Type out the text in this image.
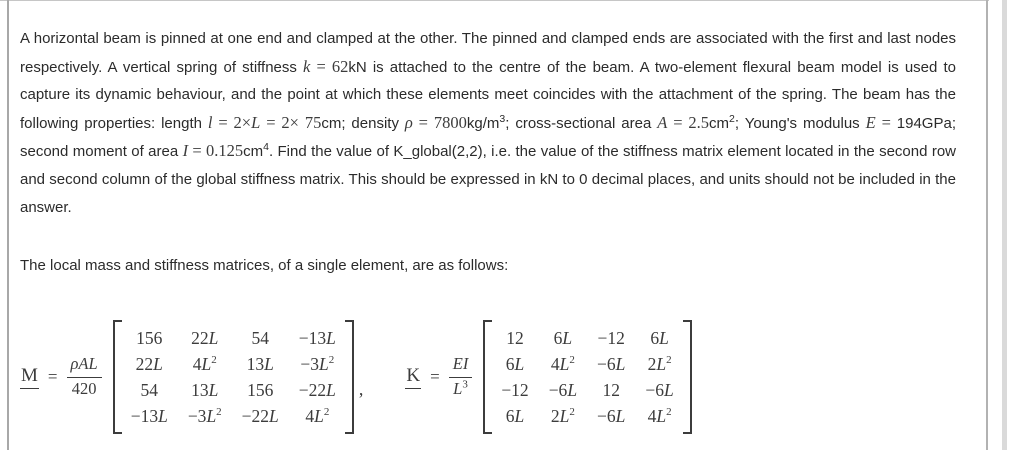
A horizontal beam is pinned at one end and clamped at the other. The pinned and clamped ends are associated with the first and last nodes respectively. A vertical spring of stiffness k = 62kN is attached to the centre of the beam. A two-element flexural beam model is used to capture its dynamic behaviour, and the point at which these elements meet coincides with the attachment of the spring. The beam has the following properties: length l = 2×L = 2× 75cm; density $\rho = 7800kg/m^3$; cross-sectional area $A = 2.5cm^2$; Young's modulus E = 194GPa; second moment of area $I = 0.125cm^4$. Find the value of K_global(2,2), i.e. the value of the stiffness matrix element located in the second row and second column of the global stiffness matrix. This should be expressed in kN to 0 decimal places, and units should not be included in the answer.

The local mass and stiffness matrices, of a single element, are as follows:

$M = \frac{\text{ρAL}}{420}$
156 22L 54 −13L
22L $4L^2$ $13L -3L^2$
54 13L 156 −22L
$-13L -3L^2 -22L$ $4L^2$
,
$K = \frac{EI}{L^3}$
12 6L −12 6L
6L $4L^2 -6L$ $2L^2$
−12 −6L 12 −6L
6L $2L^2 -6L$ $4L^2$
